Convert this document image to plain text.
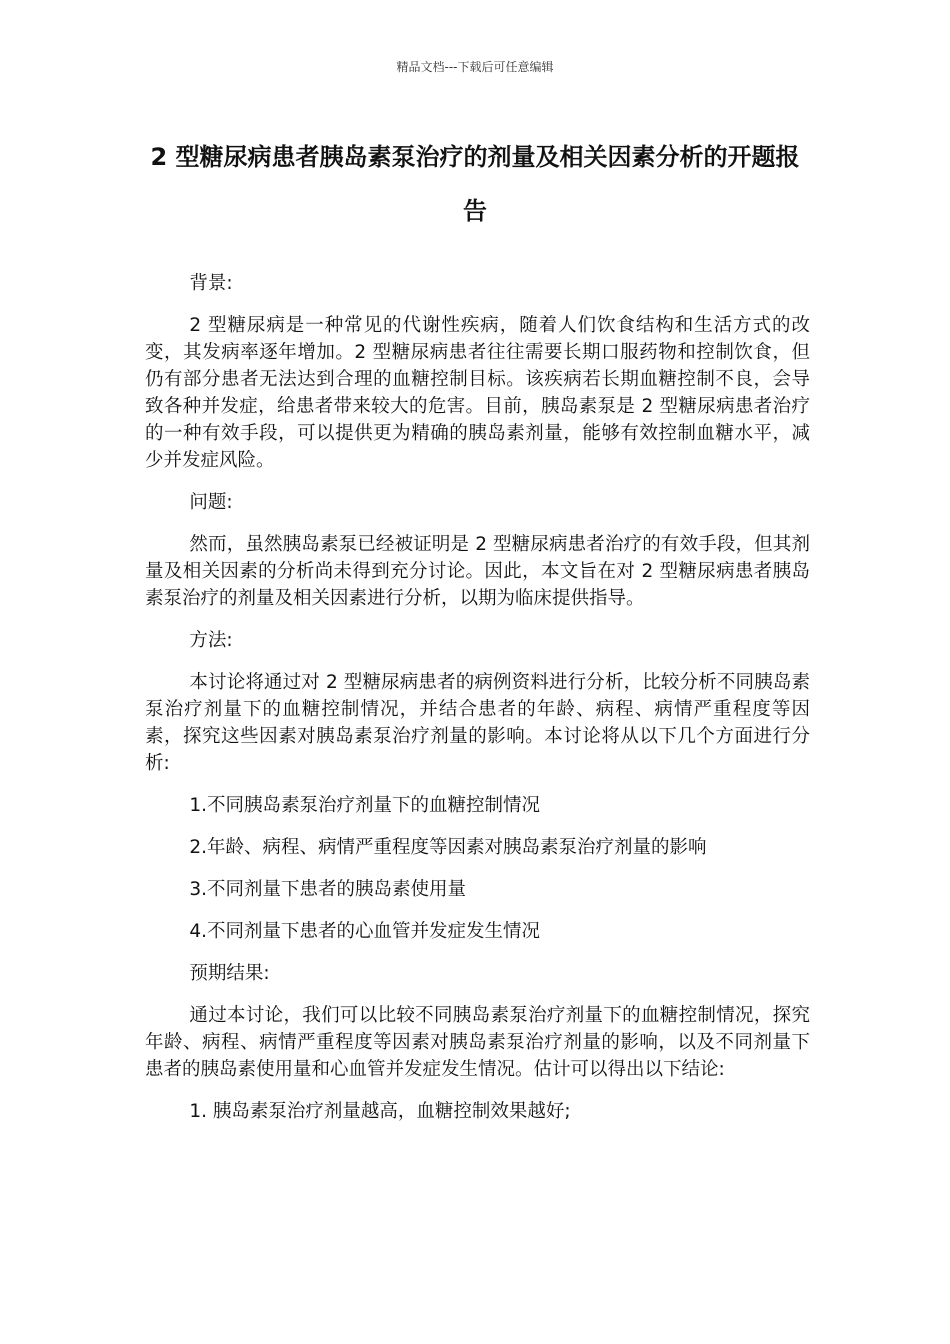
精品文档---下载后可任意编辑
2 型糖尿病患者胰岛素泵治疗的剂量及相关因素分析的开题报告

背景:

2 型糖尿病是一种常见的代谢性疾病，随着人们饮食结构和生活方式的改变，其发病率逐年增加。2 型糖尿病患者往往需要长期口服药物和控制饮食，但仍有部分患者无法达到合理的血糖控制目标。该疾病若长期血糖控制不良，会导致各种并发症，给患者带来较大的危害。目前，胰岛素泵是 2 型糖尿病患者治疗的一种有效手段，可以提供更为精确的胰岛素剂量，能够有效控制血糖水平，减少并发症风险。

问题:

然而，虽然胰岛素泵已经被证明是 2 型糖尿病患者治疗的有效手段，但其剂量及相关因素的分析尚未得到充分讨论。因此，本文旨在对 2 型糖尿病患者胰岛素泵治疗的剂量及相关因素进行分析，以期为临床提供指导。

方法:

本讨论将通过对 2 型糖尿病患者的病例资料进行分析，比较分析不同胰岛素泵治疗剂量下的血糖控制情况，并结合患者的年龄、病程、病情严重程度等因素，探究这些因素对胰岛素泵治疗剂量的影响。本讨论将从以下几个方面进行分析:

1.不同胰岛素泵治疗剂量下的血糖控制情况

2.年龄、病程、病情严重程度等因素对胰岛素泵治疗剂量的影响

3.不同剂量下患者的胰岛素使用量

4.不同剂量下患者的心血管并发症发生情况

预期结果:

通过本讨论，我们可以比较不同胰岛素泵治疗剂量下的血糖控制情况，探究年龄、病程、病情严重程度等因素对胰岛素泵治疗剂量的影响，以及不同剂量下患者的胰岛素使用量和心血管并发症发生情况。估计可以得出以下结论:

1. 胰岛素泵治疗剂量越高，血糖控制效果越好;
